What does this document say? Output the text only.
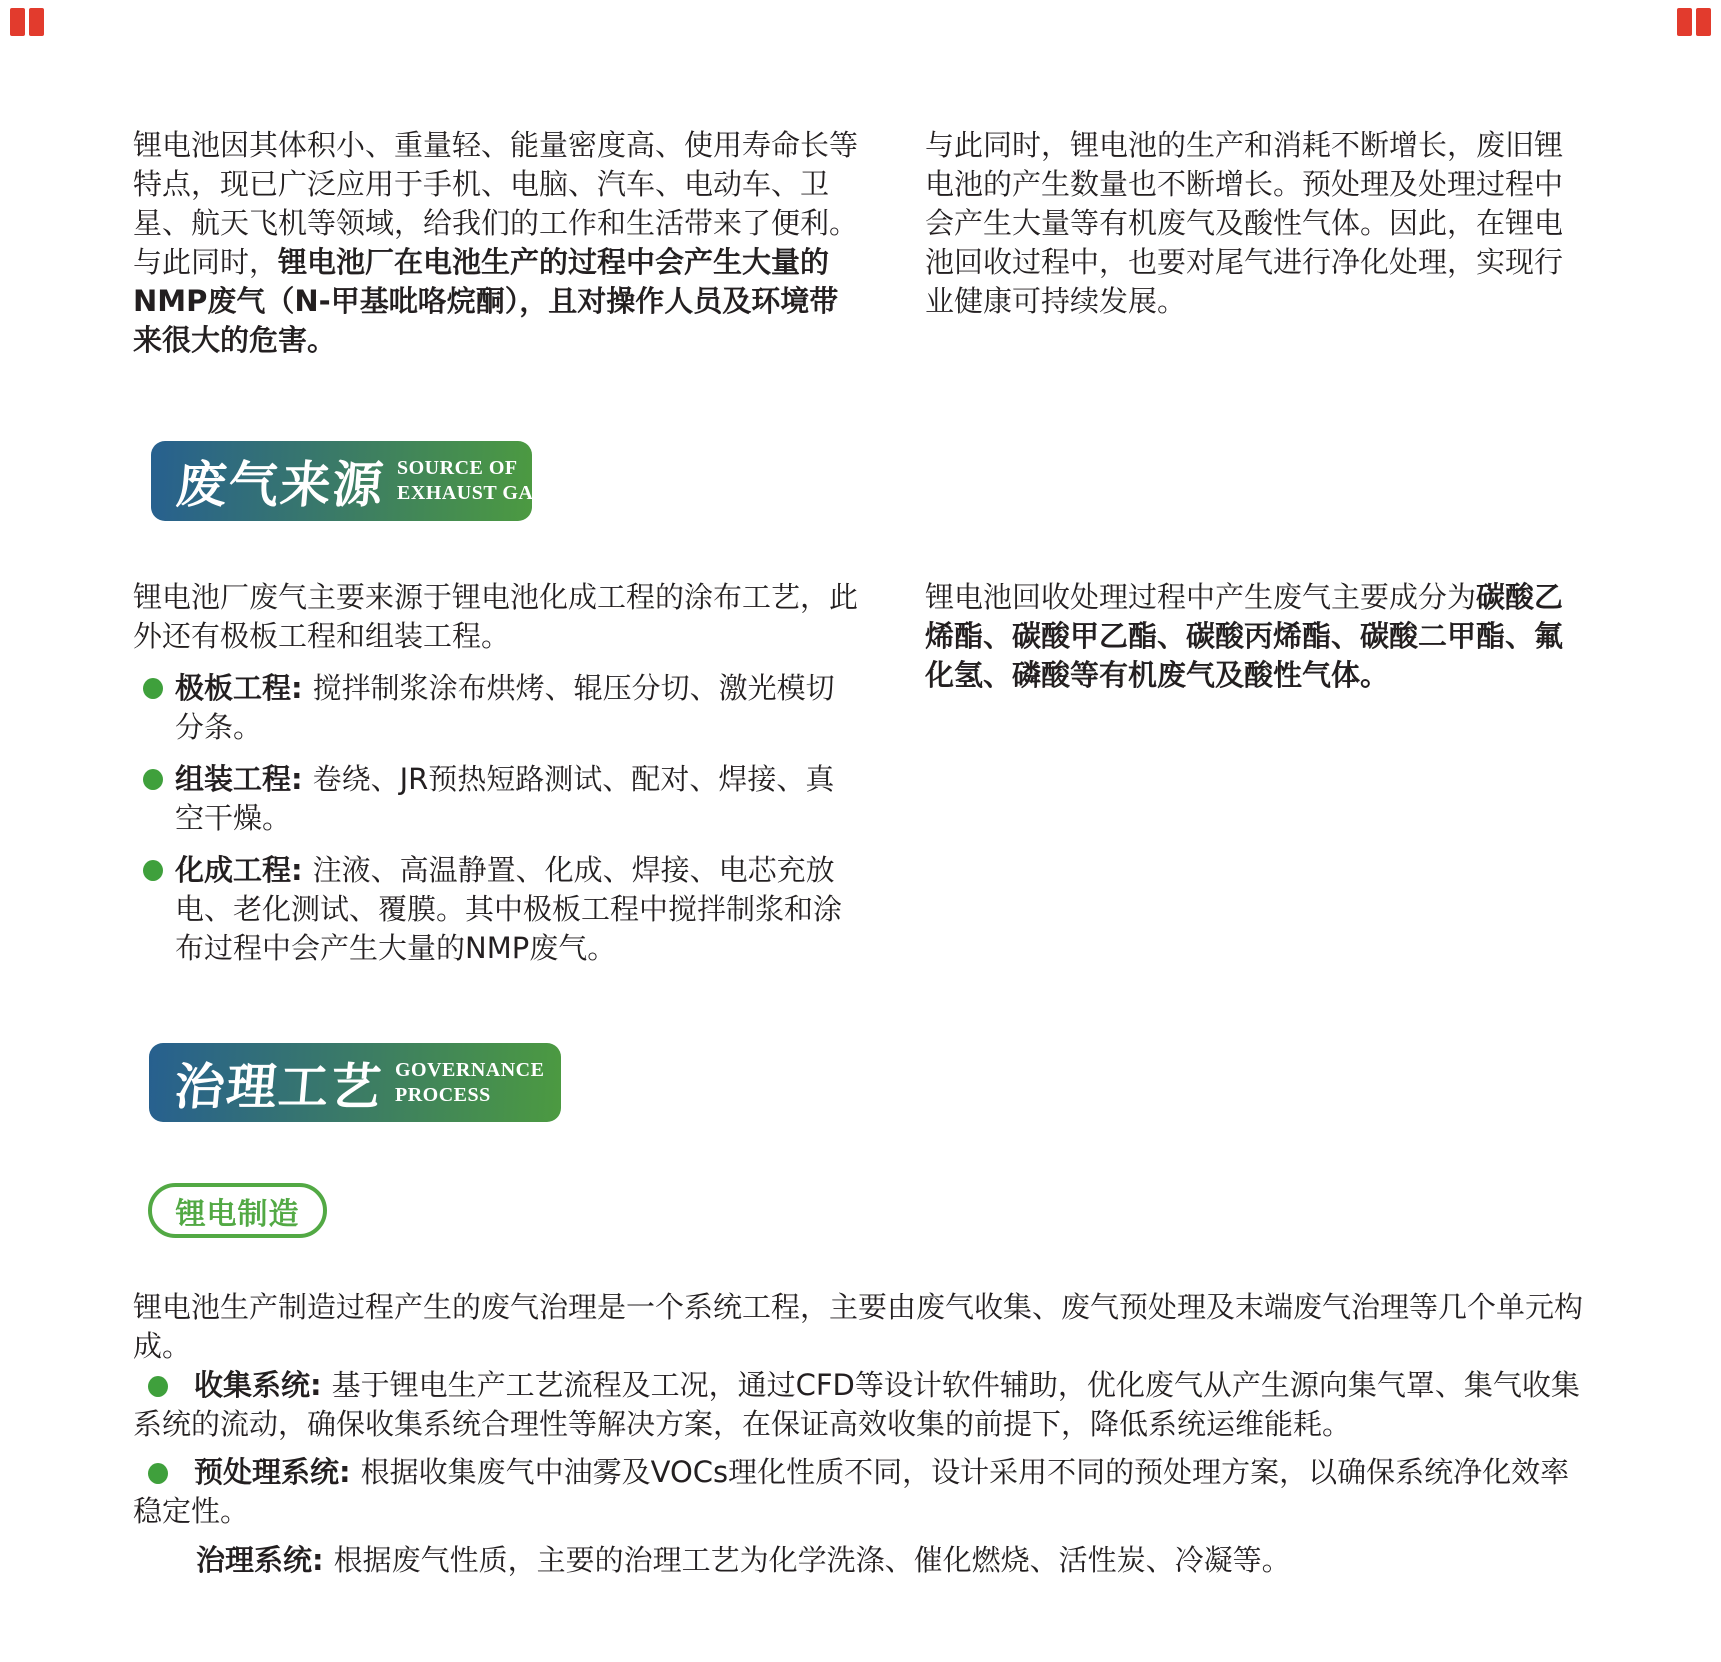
锂电池因其体积小、重量轻、能量密度高、使用寿命长等特点，现已广泛应用于手机、电脑、汽车、电动车、卫星、航天飞机等领域，给我们的工作和生活带来了便利。与此同时，锂电池厂在电池生产的过程中会产生大量的NMP废气（N-甲基吡咯烷酮），且对操作人员及环境带来很大的危害。

与此同时，锂电池的生产和消耗不断增长，废旧锂电池的产生数量也不断增长。预处理及处理过程中会产生大量等有机废气及酸性气体。因此，在锂电池回收过程中，也要对尾气进行净化处理，实现行业健康可持续发展。

废气来源 SOURCE OF
EXHAUST GAS

锂电池厂废气主要来源于锂电池化成工程的涂布工艺，此外还有极板工程和组装工程。

极板工程: 搅拌制浆涂布烘烤、辊压分切、激光模切分条。

组装工程: 卷绕、JR预热短路测试、配对、焊接、真空干燥。

化成工程: 注液、高温静置、化成、焊接、电芯充放电、老化测试、覆膜。其中极板工程中搅拌制浆和涂布过程中会产生大量的NMP废气。

锂电池回收处理过程中产生废气主要成分为碳酸乙烯酯、碳酸甲乙酯、碳酸丙烯酯、碳酸二甲酯、氟化氢、磷酸等有机废气及酸性气体。

治理工艺 GOVERNANCE
PROCESS
锂电制造

锂电池生产制造过程产生的废气治理是一个系统工程，主要由废气收集、废气预处理及末端废气治理等几个单元构成。

收集系统: 基于锂电生产工艺流程及工况，通过CFD等设计软件辅助，优化废气从产生源向集气罩、集气收集系统的流动，确保收集系统合理性等解决方案，在保证高效收集的前提下，降低系统运维能耗。

预处理系统: 根据收集废气中油雾及VOCs理化性质不同，设计采用不同的预处理方案，以确保系统净化效率稳定性。

治理系统: 根据废气性质，主要的治理工艺为化学洗涤、催化燃烧、活性炭、冷凝等。
